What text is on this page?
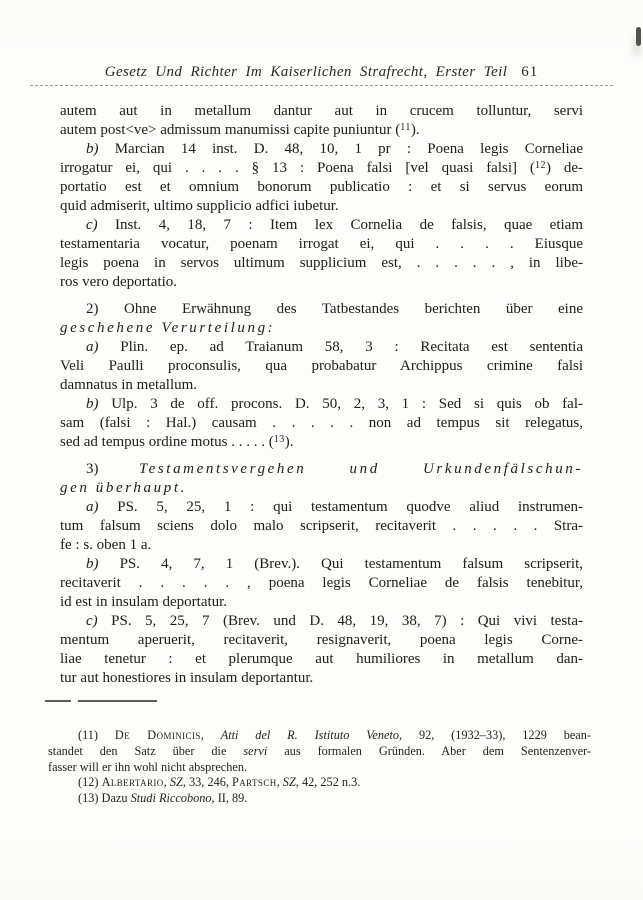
Gesetz Und Richter Im Kaiserlichen Strafrecht, Erster Teil 61
autem aut in metallum dantur aut in crucem tolluntur, servi
autem post<ve> admissum manumissi capite puniuntur ($^{11}$).
b) Marcian 14 inst. D. 48, 10, 1 pr : Poena legis Corneliae
irrogatur ei, qui . . . . § 13 : Poena falsi [vel quasi falsi] ($^{12}$) de-
portatio est et omnium bonorum publicatio : et si servus eorum
quid admiserit, ultimo supplicio adfici iubetur.
c) Inst. 4, 18, 7 : Item lex Cornelia de falsis, quae etiam
testamentaria vocatur, poenam irrogat ei, qui . . . . Eiusque
legis poena in servos ultimum supplicium est, . . . . . , in libe-
ros vero deportatio.
2) Ohne Erwähnung des Tatbestandes berichten über eine
geschehene Verurteilung:
a) Plin. ep. ad Traianum 58, 3 : Recitata est sententia
Veli Paulli proconsulis, qua probabatur Archippus crimine falsi
damnatus in metallum.
b) Ulp. 3 de off. procons. D. 50, 2, 3, 1 : Sed si quis ob fal-
sam (falsi : Hal.) causam . . . . . non ad tempus sit relegatus,
sed ad tempus ordine motus . . . . . ($^{13}$).
3) Testamentsvergehen und Urkundenfälschun-
gen überhaupt.
a) PS. 5, 25, 1 : qui testamentum quodve aliud instrumen-
tum falsum sciens dolo malo scripserit, recitaverit . . . . . Stra-
fe : s. oben 1 a.
b) PS. 4, 7, 1 (Brev.). Qui testamentum falsum scripserit,
recitaverit . . . . . , poena legis Corneliae de falsis tenebitur,
id est in insulam deportatur.
c) PS. 5, 25, 7 (Brev. und D. 48, 19, 38, 7) : Qui vivi testa-
mentum aperuerit, recitaverit, resignaverit, poena legis Corne-
liae tenetur : et plerumque aut humiliores in metallum dan-
tur aut honestiores in insulam deportantur.
(11) De Dominicis, Atti del R. Istituto Veneto, 92, (1932–33), 1229 bean-
standet den Satz über die servi aus formalen Gründen. Aber dem Sentenzenver-
fasser will er ihn wohl nicht absprechen.
(12) Albertario, SZ, 33, 246, Partsch, SZ, 42, 252 n.3.
(13) Dazu Studi Riccobono, II, 89.
